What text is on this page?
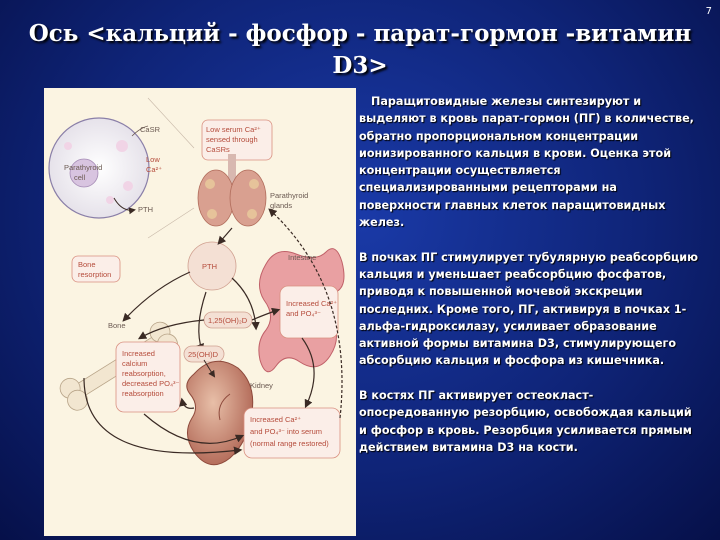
7
Ось <кальций - фосфор - парат-гормон -витамин
D3>
CaSR
Parathyroid
cell
Low
Ca²⁺
PTH
Low serum Ca²⁺
sensed through
CaSRs
Parathyroid
glands
PTH
Intestine
Increased Ca²⁺
and PO₄³⁻
Bone
resorption
Bone
1,25(OH)₂D
25(OH)D
Kidney
Increased
calcium
reabsorption,
decreased PO₄³⁻
reabsorption
Increased Ca²⁺
and PO₄³⁻ into serum
(normal range restored)

Паращитовидные железы синтезируют и выделяют в кровь парат-гормон (ПГ) в количестве, обратно пропорциональном концентрации ионизированного кальция в крови. Оценка этой концентрации осуществляется специализированными рецепторами на поверхности главных клеток паращитовидных желез.

В почках ПГ стимулирует тубулярную реабсорбцию кальция и уменьшает реабсорбцию фосфатов, приводя к повышенной мочевой экскреции последних. Кроме того, ПГ, активируя в почках 1-альфа-гидроксилазу, усиливает образование активной формы витамина D3, стимулирующего абсорбцию кальция и фосфора из кишечника.

В костях ПГ активирует остеокласт-опосредованную резорбцию, освобождая кальций и фосфор в кровь. Резорбция усиливается прямым действием витамина D3 на кости.
